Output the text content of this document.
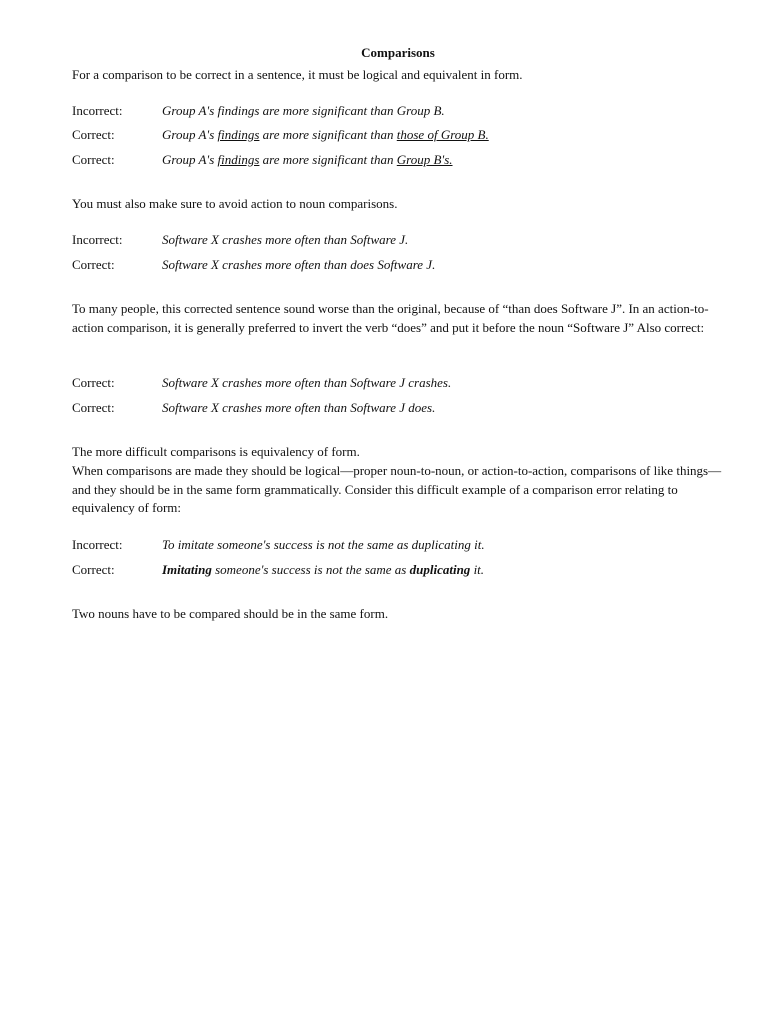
Comparisons
For a comparison to be correct in a sentence, it must be logical and equivalent in form.
Incorrect:	Group A's findings are more significant than Group B.
Correct:	Group A's findings are more significant than those of Group B.
Correct:	Group A's findings are more significant than Group B's.
You must also make sure to avoid action to noun comparisons.
Incorrect:	Software X crashes more often than Software J.
Correct:	Software X crashes more often than does Software J.
To many people, this corrected sentence sound worse than the original, because of “than does Software J”. In an action-to-action comparison, it is generally preferred to invert the verb “does” and put it before the noun “Software J” Also correct:
Correct:	Software X crashes more often than Software J crashes.
Correct:	Software X crashes more often than Software J does.
The more difficult comparisons is equivalency of form.
When comparisons are made they should be logical—proper noun-to-noun, or action-to-action, comparisons of like things—and they should be in the same form grammatically. Consider this difficult example of a comparison error relating to equivalency of form:
Incorrect:	To imitate someone's success is not the same as duplicating it.
Correct:	Imitating someone's success is not the same as duplicating it.
Two nouns have to be compared should be in the same form.
